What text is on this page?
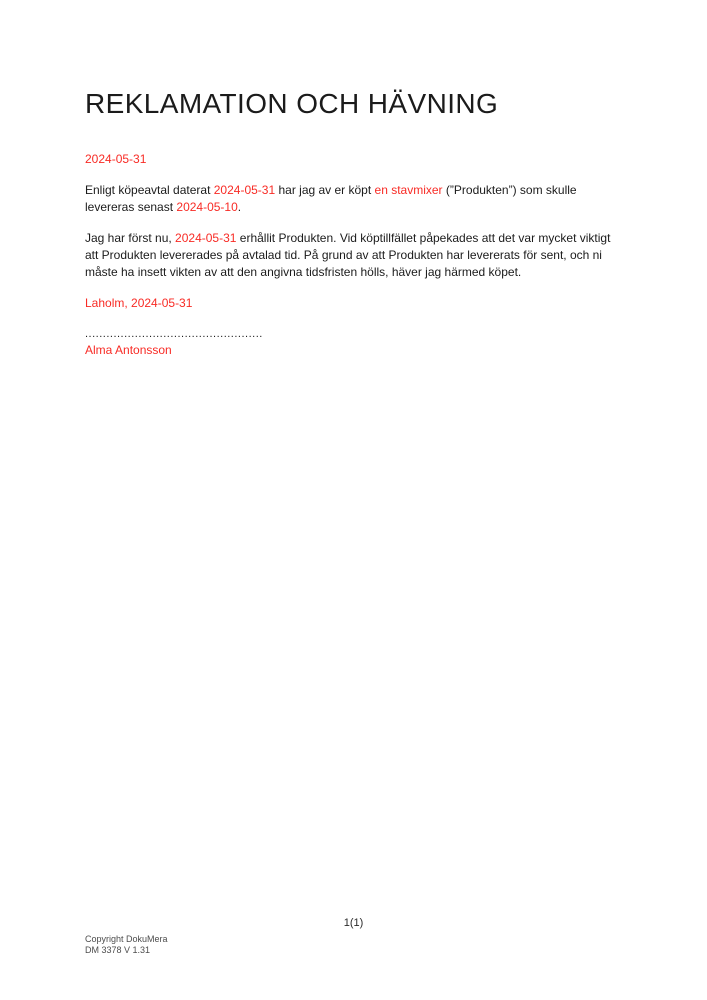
REKLAMATION OCH HÄVNING

2024-05-31

Enligt köpeavtal daterat 2024-05-31 har jag av er köpt en stavmixer (”Produkten”) som skulle levereras senast 2024-05-10.

Jag har först nu, 2024-05-31 erhållit Produkten. Vid köptillfället påpekades att det var mycket viktigt att Produkten levererades på avtalad tid. På grund av att Produkten har levererats för sent, och ni måste ha insett vikten av att den angivna tidsfristen hölls, häver jag härmed köpet.

Laholm, 2024-05-31

..................................................

Alma Antonsson

1(1)
Copyright DokuMera
DM 3378 V 1.31
